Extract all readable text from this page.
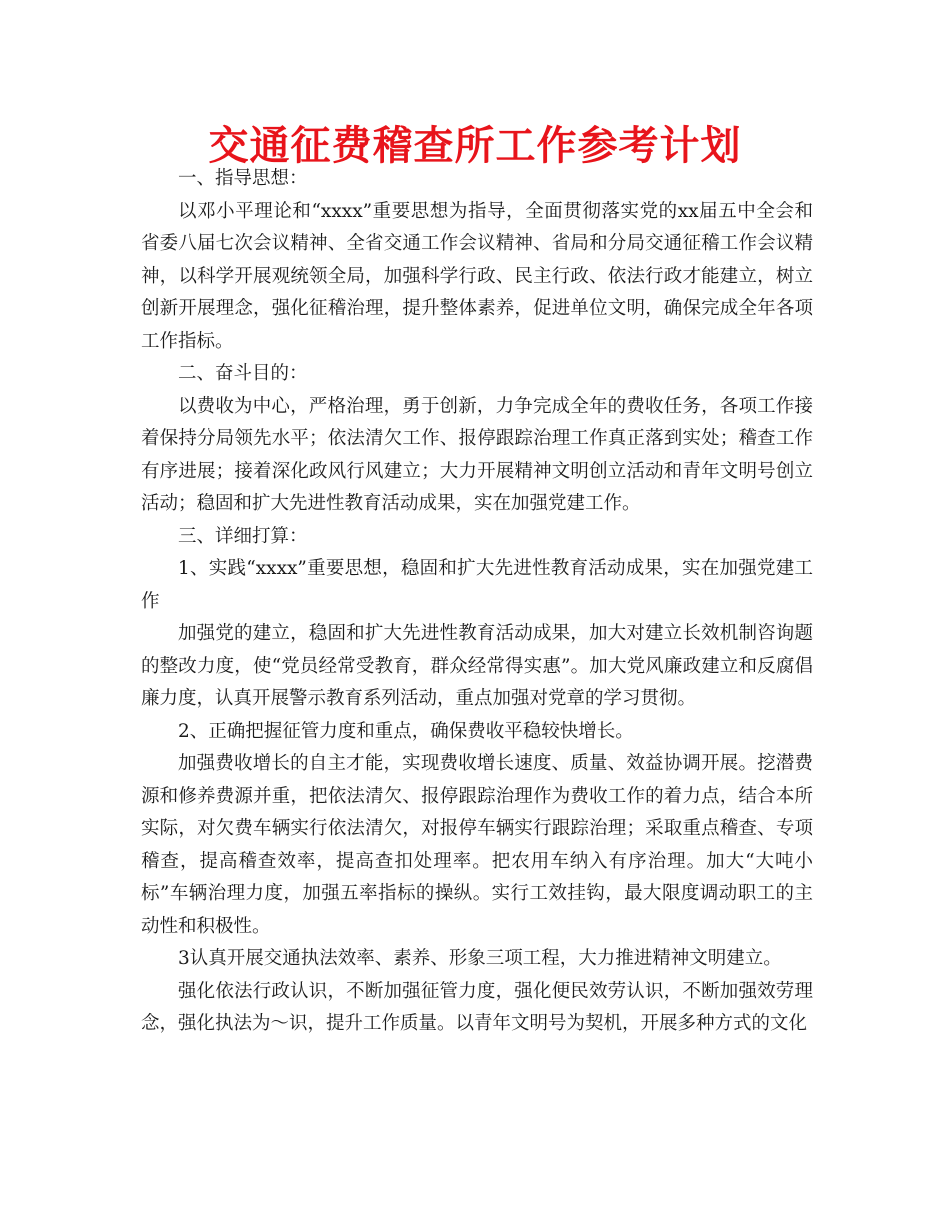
交通征费稽查所工作参考计划

一、指导思想：

以邓小平理论和“xxxx”重要思想为指导，全面贯彻落实党的xx届五中全会和省委八届七次会议精神、全省交通工作会议精神、省局和分局交通征稽工作会议精神，以科学开展观统领全局，加强科学行政、民主行政、依法行政才能建立，树立创新开展理念，强化征稽治理，提升整体素养，促进单位文明，确保完成全年各项工作指标。

二、奋斗目的：

以费收为中心，严格治理，勇于创新，力争完成全年的费收任务，各项工作接着保持分局领先水平；依法清欠工作、报停跟踪治理工作真正落到实处；稽查工作有序进展；接着深化政风行风建立；大力开展精神文明创立活动和青年文明号创立活动；稳固和扩大先进性教育活动成果，实在加强党建工作。

三、详细打算：

1、实践“xxxx”重要思想，稳固和扩大先进性教育活动成果，实在加强党建工作

加强党的建立，稳固和扩大先进性教育活动成果，加大对建立长效机制咨询题的整改力度，使“党员经常受教育，群众经常得实惠”。加大党风廉政建立和反腐倡廉力度，认真开展警示教育系列活动，重点加强对党章的学习贯彻。

2、正确把握征管力度和重点，确保费收平稳较快增长。

加强费收增长的自主才能，实现费收增长速度、质量、效益协调开展。挖潜费源和修养费源并重，把依法清欠、报停跟踪治理作为费收工作的着力点，结合本所实际，对欠费车辆实行依法清欠，对报停车辆实行跟踪治理；采取重点稽查、专项稽查，提高稽查效率，提高查扣处理率。把农用车纳入有序治理。加大“大吨小标”车辆治理力度，加强五率指标的操纵。实行工效挂钩，最大限度调动职工的主动性和积极性。

3认真开展交通执法效率、素养、形象三项工程，大力推进精神文明建立。

强化依法行政认识，不断加强征管力度，强化便民效劳认识，不断加强效劳理念，强化执法为～识，提升工作质量。以青年文明号为契机，开展多种方式的文化
